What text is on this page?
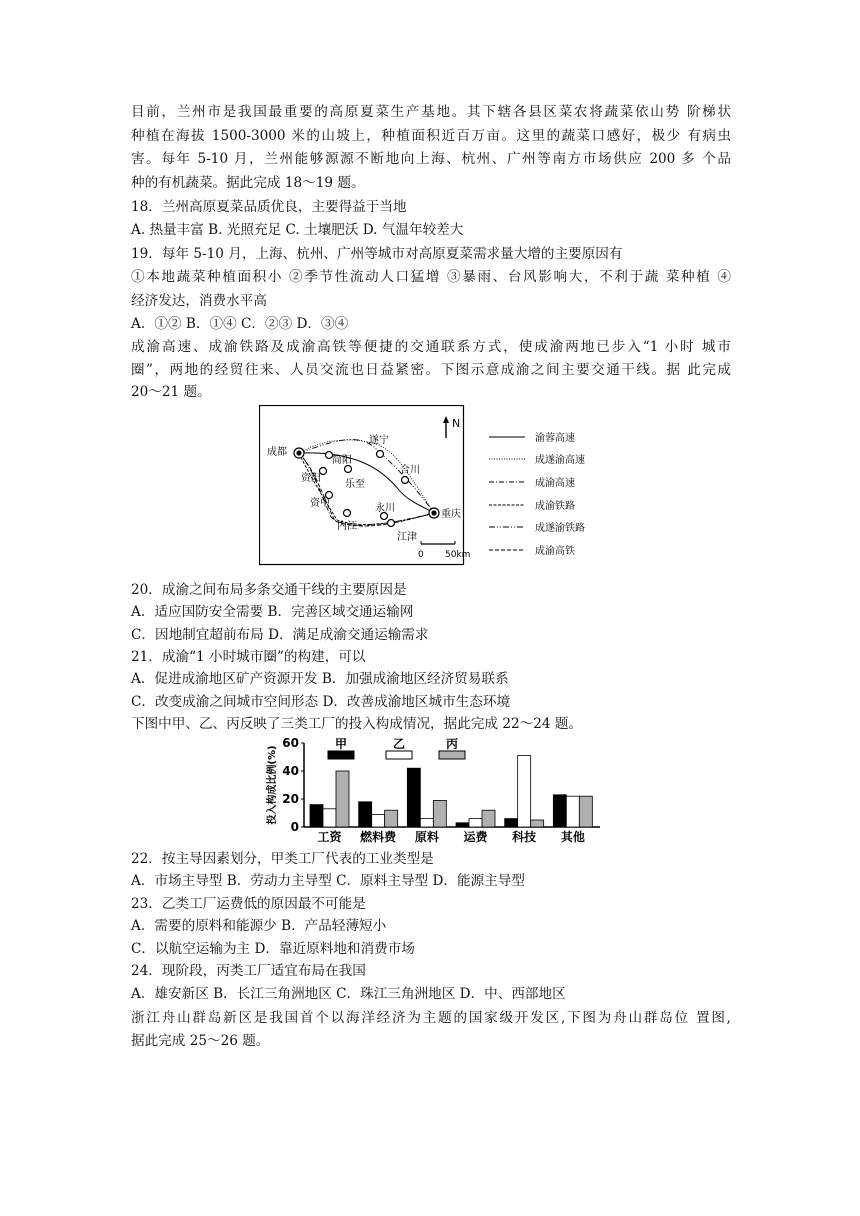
目前，兰州市是我国最重要的高原夏菜生产基地。其下辖各县区菜农将蔬菜依山势 阶梯状
种植在海拔 1500-3000 米的山坡上，种植面积近百万亩。这里的蔬菜口感好，极少 有病虫
害。每年 5-10 月，兰州能够源源不断地向上海、杭州、广州等南方市场供应 200 多 个品
种的有机蔬菜。据此完成 18～19 题。
18．兰州高原夏菜品质优良，主要得益于当地
A. 热量丰富 B. 光照充足 C. 土壤肥沃 D. 气温年较差大
19．每年 5-10 月，上海、杭州、广州等城市对高原夏菜需求量大增的主要原因有
①本地蔬菜种植面积小 ②季节性流动人口猛增 ③暴雨、台风影响大，不利于蔬 菜种植 ④
经济发达，消费水平高
A．①② B．①④ C．②③ D．③④
成渝高速、成渝铁路及成渝高铁等便捷的交通联系方式，使成渝两地已步入“1 小时 城市
圈”，两地的经贸往来、人员交流也日益紧密。下图示意成渝之间主要交通干线。据 此完成
20～21 题。
N
成都
遂宁
简阳
合川
资阳
乐至
资中	永川
内江
江津
重庆
0 50km
渝蓉高速
成遂渝高速
成渝高速
成渝铁路
成遂渝铁路
成渝高铁
20．成渝之间布局多条交通干线的主要原因是
A．适应国防安全需要 B．完善区域交通运输网
C．因地制宜超前布局 D．满足成渝交通运输需求
21．成渝“1 小时城市圈”的构建，可以
A．促进成渝地区矿产资源开发 B．加强成渝地区经济贸易联系
C．改变成渝之间城市空间形态 D．改善成渝地区城市生态环境
下图中甲、乙、丙反映了三类工厂的投入构成情况，据此完成 22～24 题。
投入构成比例(%)
0
20
40
60	甲	乙	丙
工资 燃料费 原料 运费 科技 其他
22．按主导因素划分，甲类工厂代表的工业类型是
A．市场主导型 B．劳动力主导型 C．原料主导型 D．能源主导型
23．乙类工厂运费低的原因最不可能是
A．需要的原料和能源少 B．产品轻薄短小
C．以航空运输为主 D．靠近原料地和消费市场
24．现阶段，丙类工厂适宜布局在我国
A．雄安新区 B．长江三角洲地区 C．珠江三角洲地区 D．中、西部地区
浙江舟山群岛新区是我国首个以海洋经济为主题的国家级开发区,下图为舟山群岛位 置图,
据此完成 25～26 题。
